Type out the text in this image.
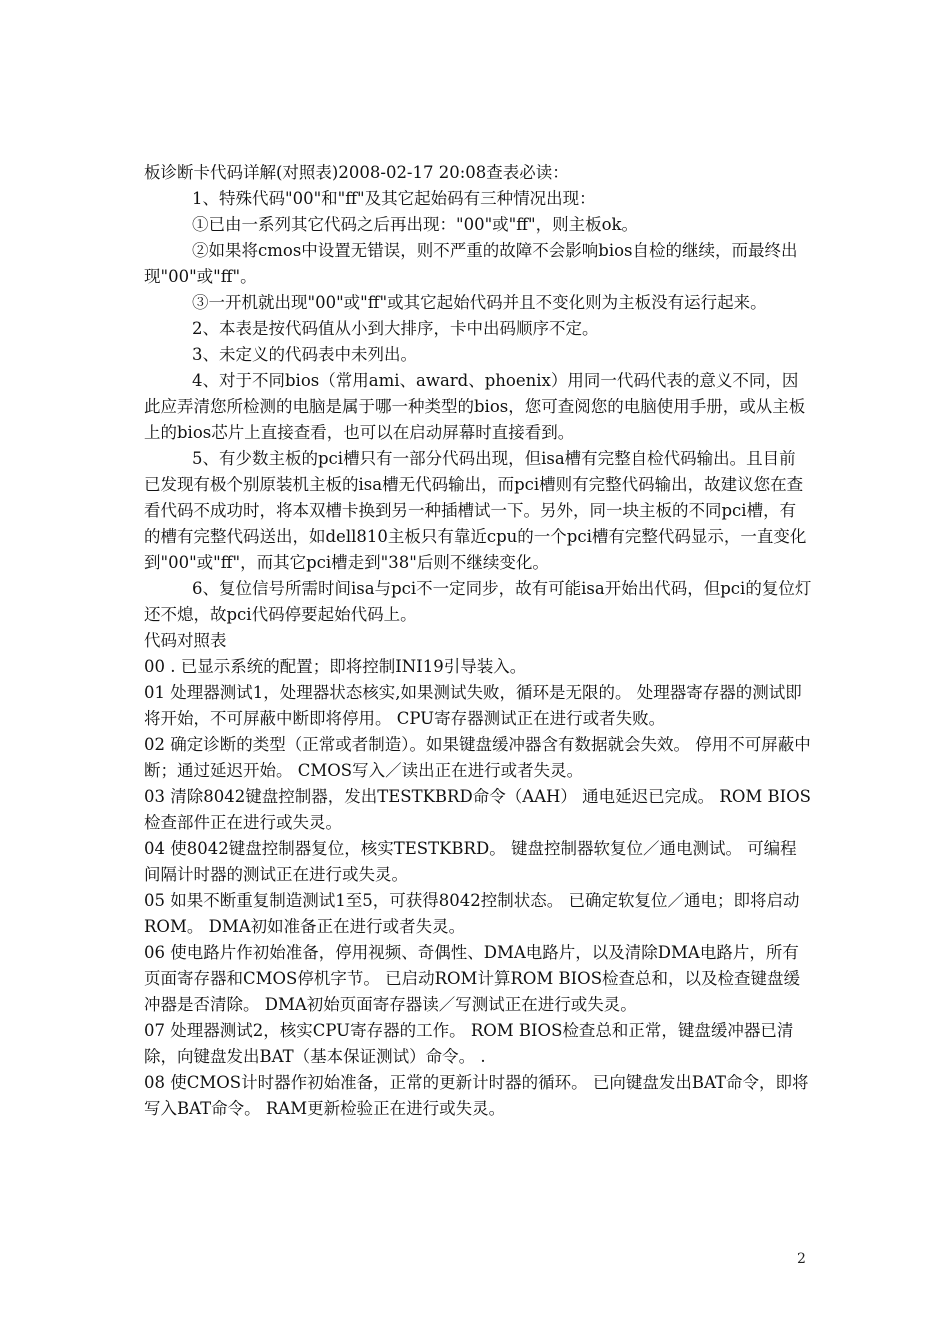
板诊断卡代码详解(对照表)2008-02-17 20:08查表必读：

1、特殊代码"00"和"ff"及其它起始码有三种情况出现：

①已由一系列其它代码之后再出现："00"或"ff"，则主板ok。

②如果将cmos中设置无错误，则不严重的故障不会影响bios自检的继续，而最终出现"00"或"ff"。

③一开机就出现"00"或"ff"或其它起始代码并且不变化则为主板没有运行起来。

2、本表是按代码值从小到大排序，卡中出码顺序不定。

3、未定义的代码表中未列出。

4、对于不同bios（常用ami、award、phoenix）用同一代码代表的意义不同，因此应弄清您所检测的电脑是属于哪一种类型的bios，您可查阅您的电脑使用手册，或从主板上的bios芯片上直接查看，也可以在启动屏幕时直接看到。

5、有少数主板的pci槽只有一部分代码出现，但isa槽有完整自检代码输出。且目前已发现有极个别原装机主板的isa槽无代码输出，而pci槽则有完整代码输出，故建议您在查看代码不成功时，将本双槽卡换到另一种插槽试一下。另外，同一块主板的不同pci槽，有的槽有完整代码送出，如dell810主板只有靠近cpu的一个pci槽有完整代码显示，一直变化到"00"或"ff"，而其它pci槽走到"38"后则不继续变化。

6、复位信号所需时间isa与pci不一定同步，故有可能isa开始出代码，但pci的复位灯还不熄，故pci代码停要起始代码上。

代码对照表

00 . 已显示系统的配置；即将控制INI19引导装入。

01 处理器测试1，处理器状态核实,如果测试失败，循环是无限的。 处理器寄存器的测试即将开始，不可屏蔽中断即将停用。 CPU寄存器测试正在进行或者失败。

02 确定诊断的类型（正常或者制造）。如果键盘缓冲器含有数据就会失效。 停用不可屏蔽中断；通过延迟开始。 CMOS写入／读出正在进行或者失灵。

03 清除8042键盘控制器，发出TESTKBRD命令（AAH） 通电延迟已完成。 ROM BIOS检查部件正在进行或失灵。

04 使8042键盘控制器复位，核实TESTKBRD。 键盘控制器软复位／通电测试。 可编程间隔计时器的测试正在进行或失灵。

05 如果不断重复制造测试1至5，可获得8042控制状态。 已确定软复位／通电；即将启动ROM。 DMA初如准备正在进行或者失灵。

06 使电路片作初始准备，停用视频、奇偶性、DMA电路片，以及清除DMA电路片，所有页面寄存器和CMOS停机字节。 已启动ROM计算ROM BIOS检查总和，以及检查键盘缓冲器是否清除。 DMA初始页面寄存器读／写测试正在进行或失灵。

07 处理器测试2，核实CPU寄存器的工作。 ROM BIOS检查总和正常，键盘缓冲器已清除，向键盘发出BAT（基本保证测试）命令。 .

08 使CMOS计时器作初始准备，正常的更新计时器的循环。 已向键盘发出BAT命令，即将写入BAT命令。 RAM更新检验正在进行或失灵。

2
